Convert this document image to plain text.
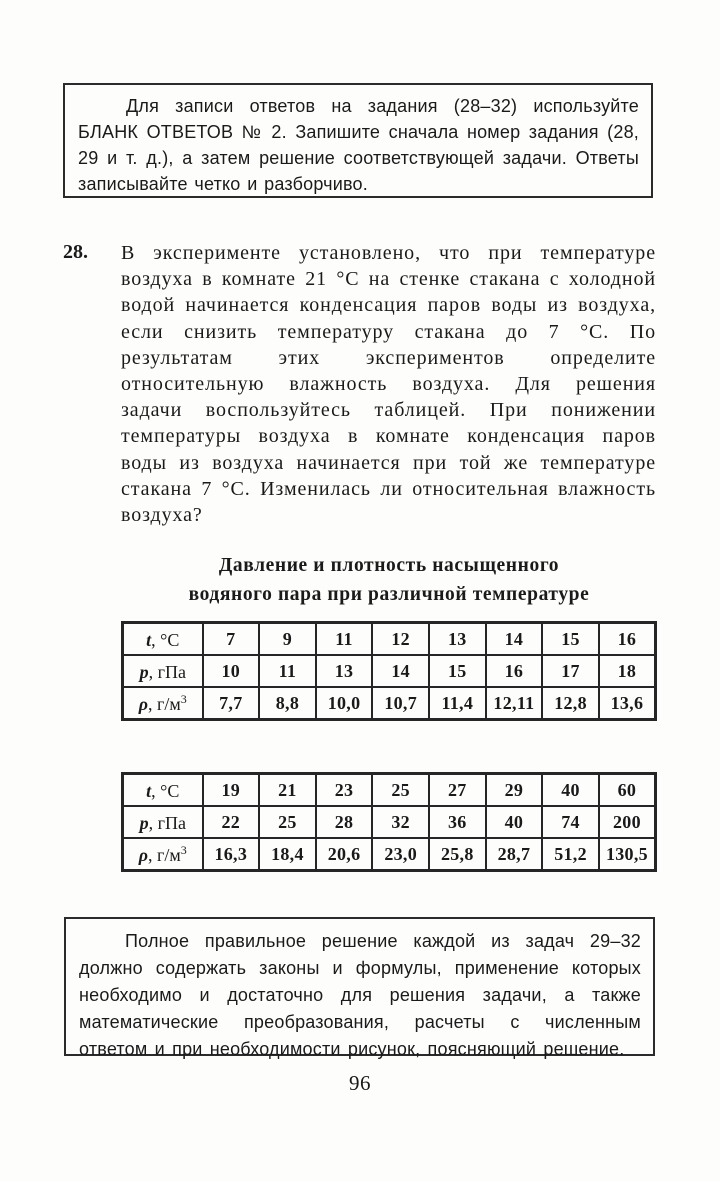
Для записи ответов на задания (28–32) используйте БЛАНК ОТВЕТОВ № 2. Запишите сначала номер задания (28, 29 и т. д.), а затем решение соответствующей задачи. Ответы записывайте четко и разборчиво.

28. В эксперименте установлено, что при температуре воздуха в комнате 21 °С на стенке стакана с холодной водой начинается конденсация паров воды из воздуха, если снизить температуру стакана до 7 °С. По результатам этих экспериментов определите относительную влажность воздуха. Для решения задачи воспользуйтесь таблицей. При понижении температуры воздуха в комнате конденсация паров воды из воздуха начинается при той же температуре стакана 7 °С. Изменилась ли относительная влажность воздуха?
Давление и плотность насыщенного
водяного пара при различной температуре
t, °С	7	9	11	12	13	14	15	16
p, гПа	10	11	13	14	15	16	17	18
ρ, $г/м^3$	7,7	8,8	10,0	10,7	11,4	12,11	12,8	13,6
t, °С	19	21	23	25	27	29	40	60
p, гПа	22	25	28	32	36	40	74	200
ρ, $г/м^3$	16,3	18,4	20,6	23,0	25,8	28,7	51,2	130,5

Полное правильное решение каждой из задач 29–32 должно содержать законы и формулы, применение которых необходимо и достаточно для решения задачи, а также математические преобразования, расчеты с численным ответом и при необходимости рисунок, поясняющий решение.

96
